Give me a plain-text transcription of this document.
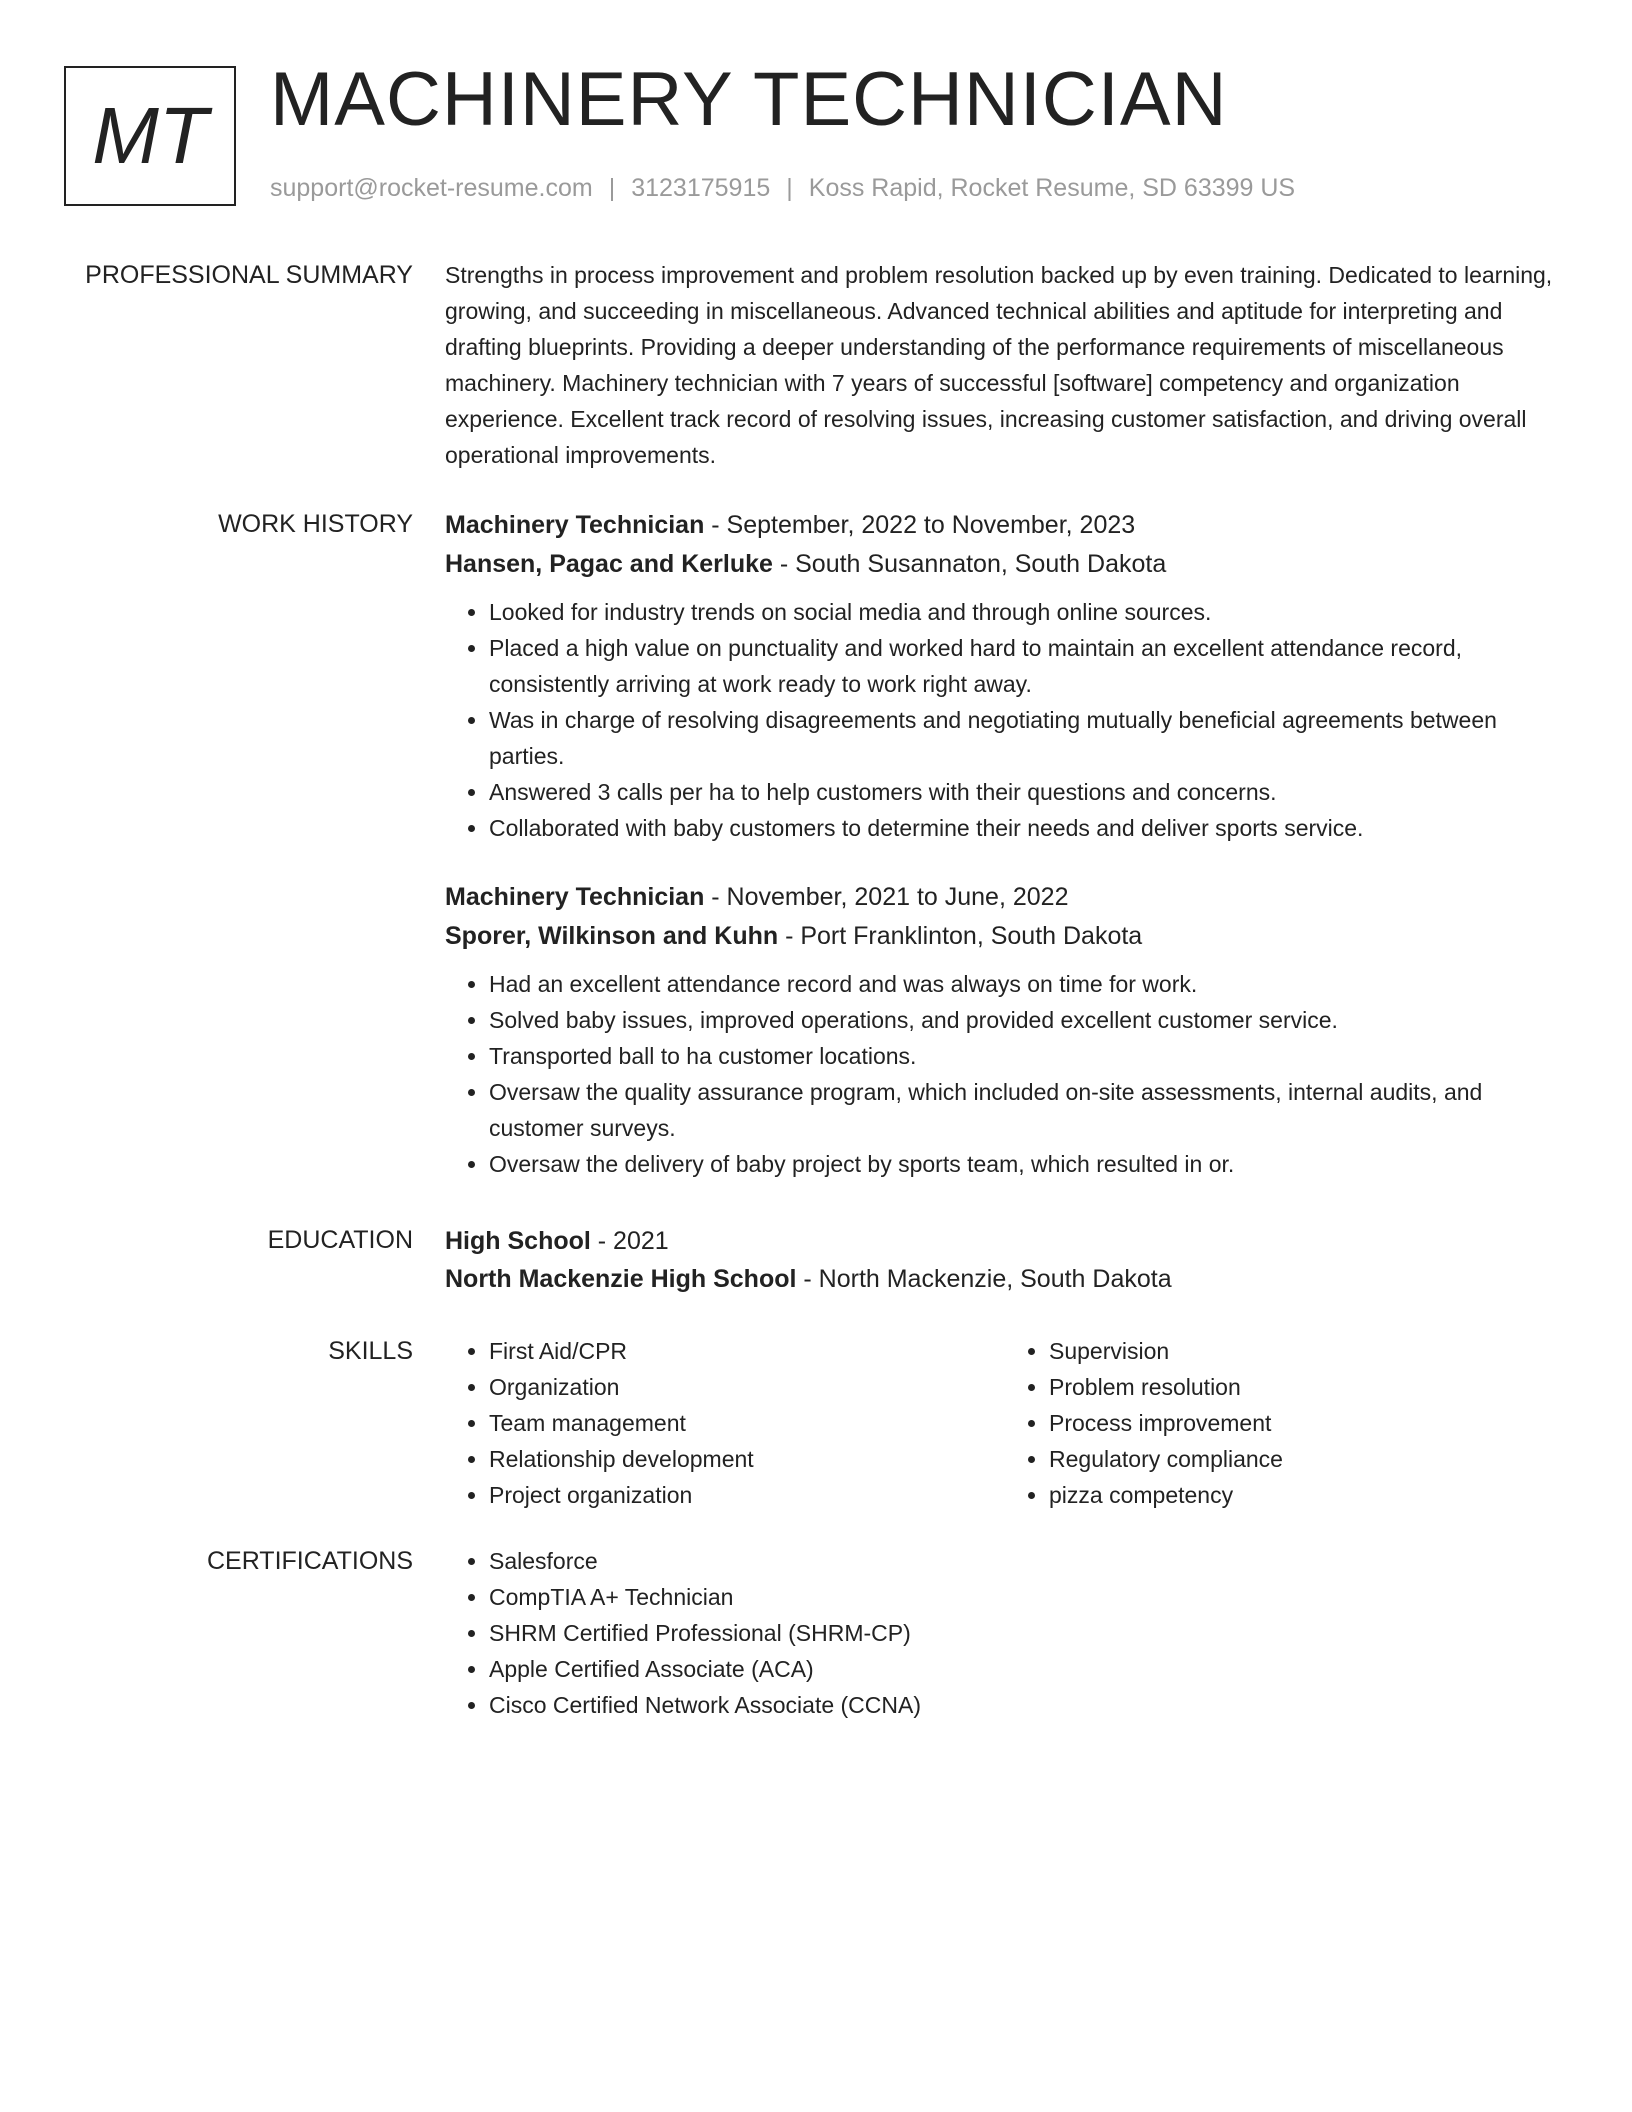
MT MACHINERY TECHNICIAN
support@rocket-resume.com | 3123175915 | Koss Rapid, Rocket Resume, SD 63399 US
PROFESSIONAL SUMMARY Strengths in process improvement and problem resolution backed up by even training. Dedicated to learning, growing, and succeeding in miscellaneous. Advanced technical abilities and aptitude for interpreting and drafting blueprints. Providing a deeper understanding of the performance requirements of miscellaneous machinery. Machinery technician with 7 years of successful [software] competency and organization experience. Excellent track record of resolving issues, increasing customer satisfaction, and driving overall operational improvements.

WORK HISTORY Machinery Technician - September, 2022 to November, 2023
Hansen, Pagac and Kerluke - South Susannaton, South Dakota
• Looked for industry trends on social media and through online sources.
• Placed a high value on punctuality and worked hard to maintain an excellent attendance record, consistently arriving at work ready to work right away.
• Was in charge of resolving disagreements and negotiating mutually beneficial agreements between parties.
• Answered 3 calls per ha to help customers with their questions and concerns.
• Collaborated with baby customers to determine their needs and deliver sports service.
Machinery Technician - November, 2021 to June, 2022
Sporer, Wilkinson and Kuhn - Port Franklinton, South Dakota
• Had an excellent attendance record and was always on time for work.
• Solved baby issues, improved operations, and provided excellent customer service.
• Transported ball to ha customer locations.
• Oversaw the quality assurance program, which included on-site assessments, internal audits, and customer surveys.
• Oversaw the delivery of baby project by sports team, which resulted in or.
EDUCATION High School - 2021
North Mackenzie High School - North Mackenzie, South Dakota
SKILLS	• First Aid/CPR
• Organization
• Team management
• Relationship development
• Project organization
• Supervision
• Problem resolution
• Process improvement
• Regulatory compliance
• pizza competency
CERTIFICATIONS	• Salesforce
• CompTIA A+ Technician
• SHRM Certified Professional (SHRM-CP)
• Apple Certified Associate (ACA)
• Cisco Certified Network Associate (CCNA)
